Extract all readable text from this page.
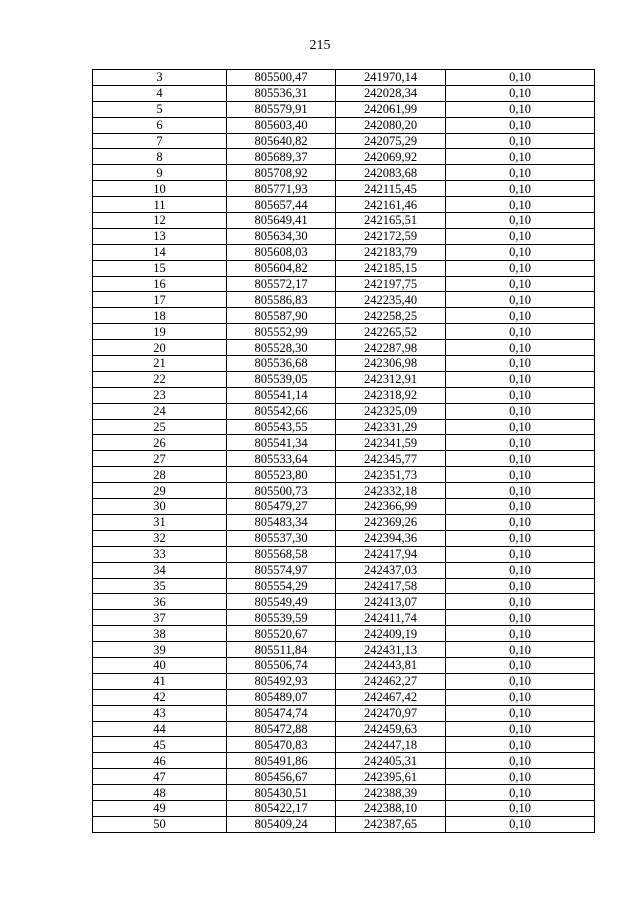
215
3	805500,47	241970,14	0,10
4	805536,31	242028,34	0,10
5	805579,91	242061,99	0,10
6	805603,40	242080,20	0,10
7	805640,82	242075,29	0,10
8	805689,37	242069,92	0,10
9	805708,92	242083,68	0,10
10	805771,93	242115,45	0,10
11	805657,44	242161,46	0,10
12	805649,41	242165,51	0,10
13	805634,30	242172,59	0,10
14	805608,03	242183,79	0,10
15	805604,82	242185,15	0,10
16	805572,17	242197,75	0,10
17	805586,83	242235,40	0,10
18	805587,90	242258,25	0,10
19	805552,99	242265,52	0,10
20	805528,30	242287,98	0,10
21	805536,68	242306,98	0,10
22	805539,05	242312,91	0,10
23	805541,14	242318,92	0,10
24	805542,66	242325,09	0,10
25	805543,55	242331,29	0,10
26	805541,34	242341,59	0,10
27	805533,64	242345,77	0,10
28	805523,80	242351,73	0,10
29	805500,73	242332,18	0,10
30	805479,27	242366,99	0,10
31	805483,34	242369,26	0,10
32	805537,30	242394,36	0,10
33	805568,58	242417,94	0,10
34	805574,97	242437,03	0,10
35	805554,29	242417,58	0,10
36	805549,49	242413,07	0,10
37	805539,59	242411,74	0,10
38	805520,67	242409,19	0,10
39	805511,84	242431,13	0,10
40	805506,74	242443,81	0,10
41	805492,93	242462,27	0,10
42	805489,07	242467,42	0,10
43	805474,74	242470,97	0,10
44	805472,88	242459,63	0,10
45	805470,83	242447,18	0,10
46	805491,86	242405,31	0,10
47	805456,67	242395,61	0,10
48	805430,51	242388,39	0,10
49	805422,17	242388,10	0,10
50	805409,24	242387,65	0,10
